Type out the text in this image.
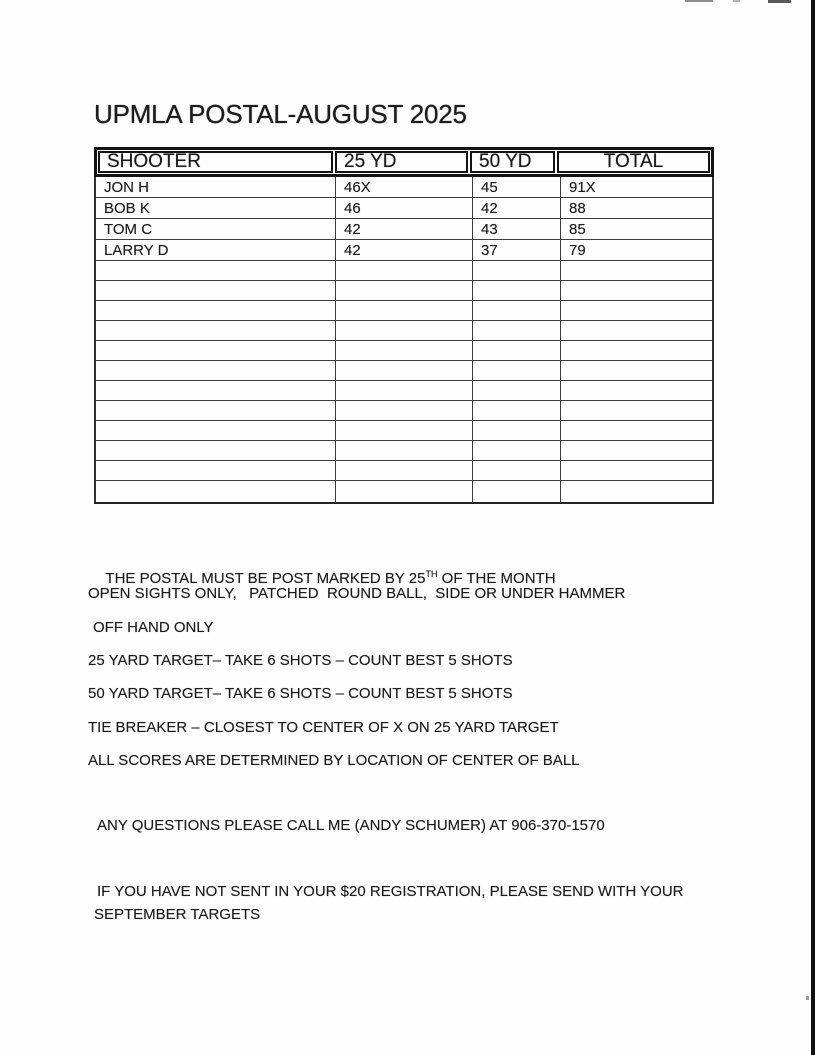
UPMLA POSTAL-AUGUST 2025
SHOOTER	25 YD	50 YD	TOTAL
JON H	46X	45	91X
BOB K	46	42	88
TOM C	42	43	85
LARRY D	42	37	79

THE POSTAL MUST BE POST MARKED BY 25TH OF THE MONTH

OPEN SIGHTS ONLY,   PATCHED  ROUND BALL,  SIDE OR UNDER HAMMER
OFF HAND ONLY
25 YARD TARGET– TAKE 6 SHOTS – COUNT BEST 5 SHOTS
50 YARD TARGET– TAKE 6 SHOTS – COUNT BEST 5 SHOTS
TIE BREAKER – CLOSEST TO CENTER OF X ON 25 YARD TARGET
ALL SCORES ARE DETERMINED BY LOCATION OF CENTER OF BALL
ANY QUESTIONS PLEASE CALL ME (ANDY SCHUMER) AT 906-370-1570
IF YOU HAVE NOT SENT IN YOUR $20 REGISTRATION, PLEASE SEND WITH YOUR
SEPTEMBER TARGETS
